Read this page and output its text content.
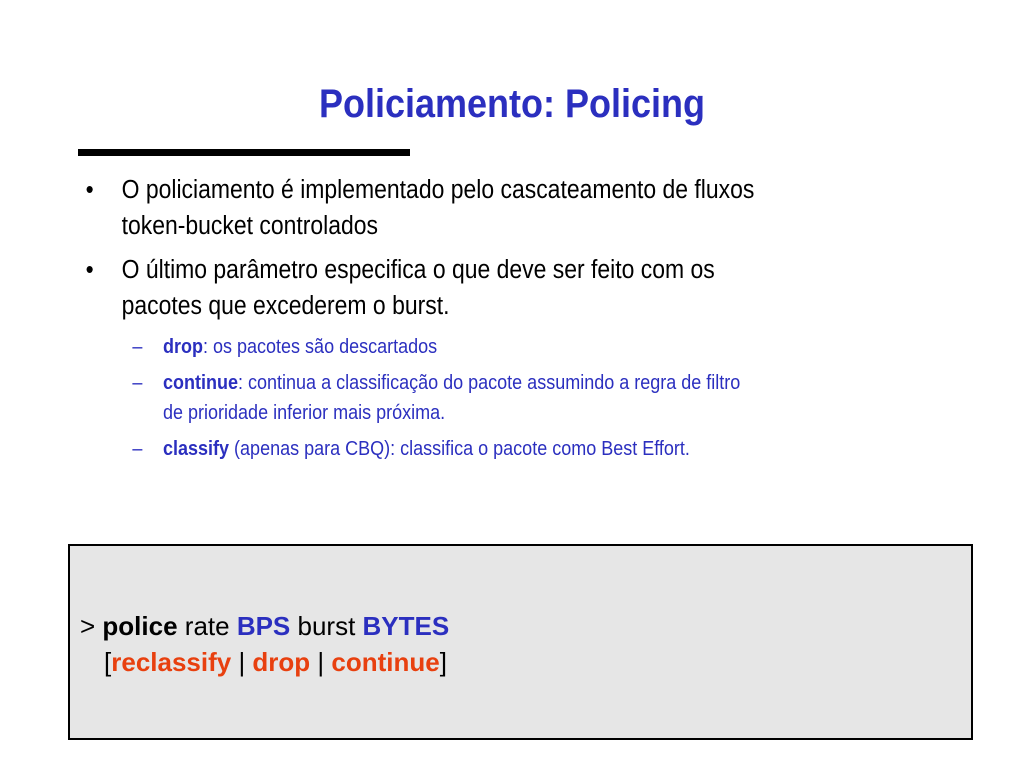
Policiamento: Policing
• O policiamento é implementado pelo cascateamento de fluxos
token-bucket controlados
• O último parâmetro especifica o que deve ser feito com os
pacotes que excederem o burst.
– drop: os pacotes são descartados
– continue: continua a classificação do pacote assumindo a regra de filtro
de prioridade inferior mais próxima.
– classify (apenas para CBQ): classifica o pacote como Best Effort.
> police rate BPS burst BYTES
[reclassify | drop | continue]
